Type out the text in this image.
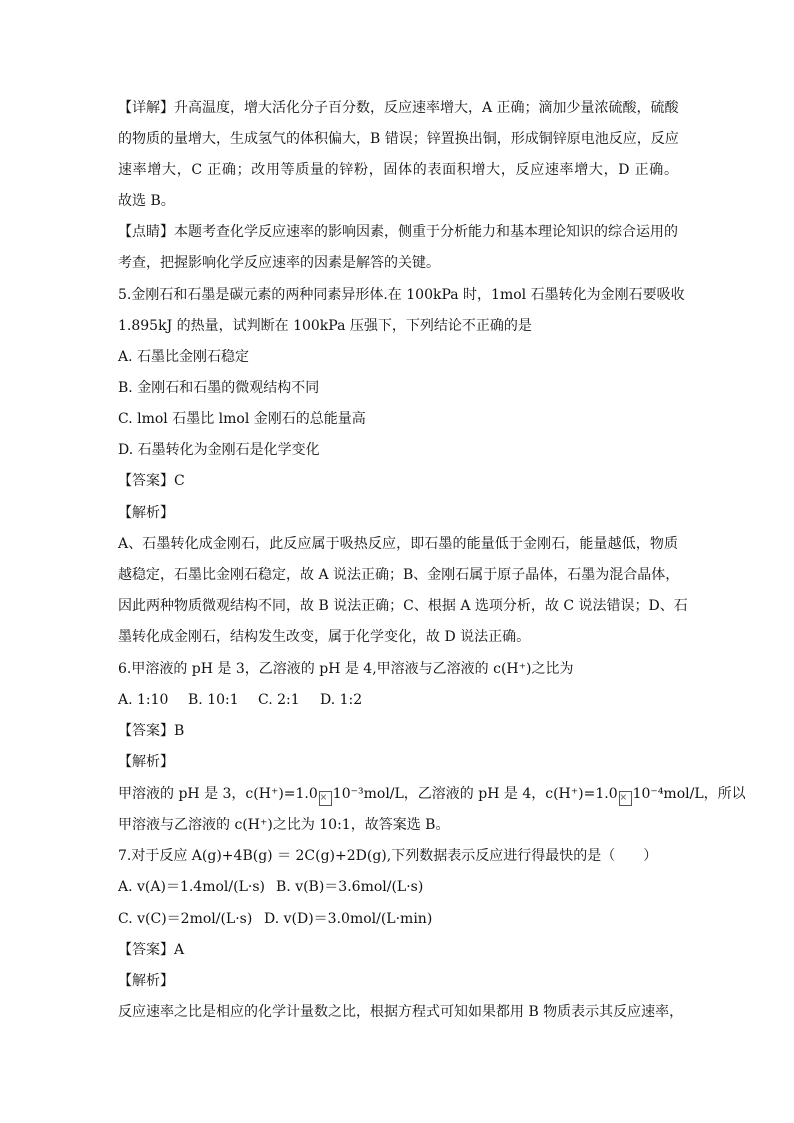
【详解】升高温度，增大活化分子百分数，反应速率增大，A 正确；滴加少量浓硫酸，硫酸
的物质的量增大，生成氢气的体积偏大，B 错误；锌置换出铜，形成铜锌原电池反应，反应
速率增大，C 正确；改用等质量的锌粉，固体的表面积增大，反应速率增大，D 正确。
故选 B。
【点睛】本题考查化学反应速率的影响因素，侧重于分析能力和基本理论知识的综合运用的
考查，把握影响化学反应速率的因素是解答的关键。
5.金刚石和石墨是碳元素的两种同素异形体.在 100kPa 时，1mol 石墨转化为金刚石要吸收
1.895kJ 的热量，试判断在 100kPa 压强下，下列结论不正确的是
A. 石墨比金刚石稳定
B. 金刚石和石墨的微观结构不同
C. lmol 石墨比 lmol 金刚石的总能量高
D. 石墨转化为金刚石是化学变化
【答案】C
【解析】
A、石墨转化成金刚石，此反应属于吸热反应，即石墨的能量低于金刚石，能量越低，物质
越稳定，石墨比金刚石稳定，故 A 说法正确；B、金刚石属于原子晶体，石墨为混合晶体，
因此两种物质微观结构不同，故 B 说法正确；C、根据 A 选项分析，故 C 说法错误；D、石
墨转化成金刚石，结构发生改变，属于化学变化，故 D 说法正确。
6.甲溶液的 pH 是 3，乙溶液的 pH 是 4,甲溶液与乙溶液的 c(H⁺)之比为
A. 1:10 B. 10:1 C. 2:1 D. 1:2
【答案】B
【解析】
甲溶液的 pH 是 3，c(H⁺)=1.0 × 10⁻³mol/L，乙溶液的 pH 是 4，c(H⁺)=1.0 × 10⁻⁴mol/L，所以
甲溶液与乙溶液的 c(H⁺)之比为 10:1，故答案选 B。
7.对于反应 A(g)+4B(g) ＝ 2C(g)+2D(g),下列数据表示反应进行得最快的是（　　）
A. v(A)＝1.4mol/(L·s) B. v(B)＝3.6mol/(L·s)
C. v(C)＝2mol/(L·s) D. v(D)＝3.0mol/(L·min)
【答案】A
【解析】
反应速率之比是相应的化学计量数之比，根据方程式可知如果都用 B 物质表示其反应速率，
